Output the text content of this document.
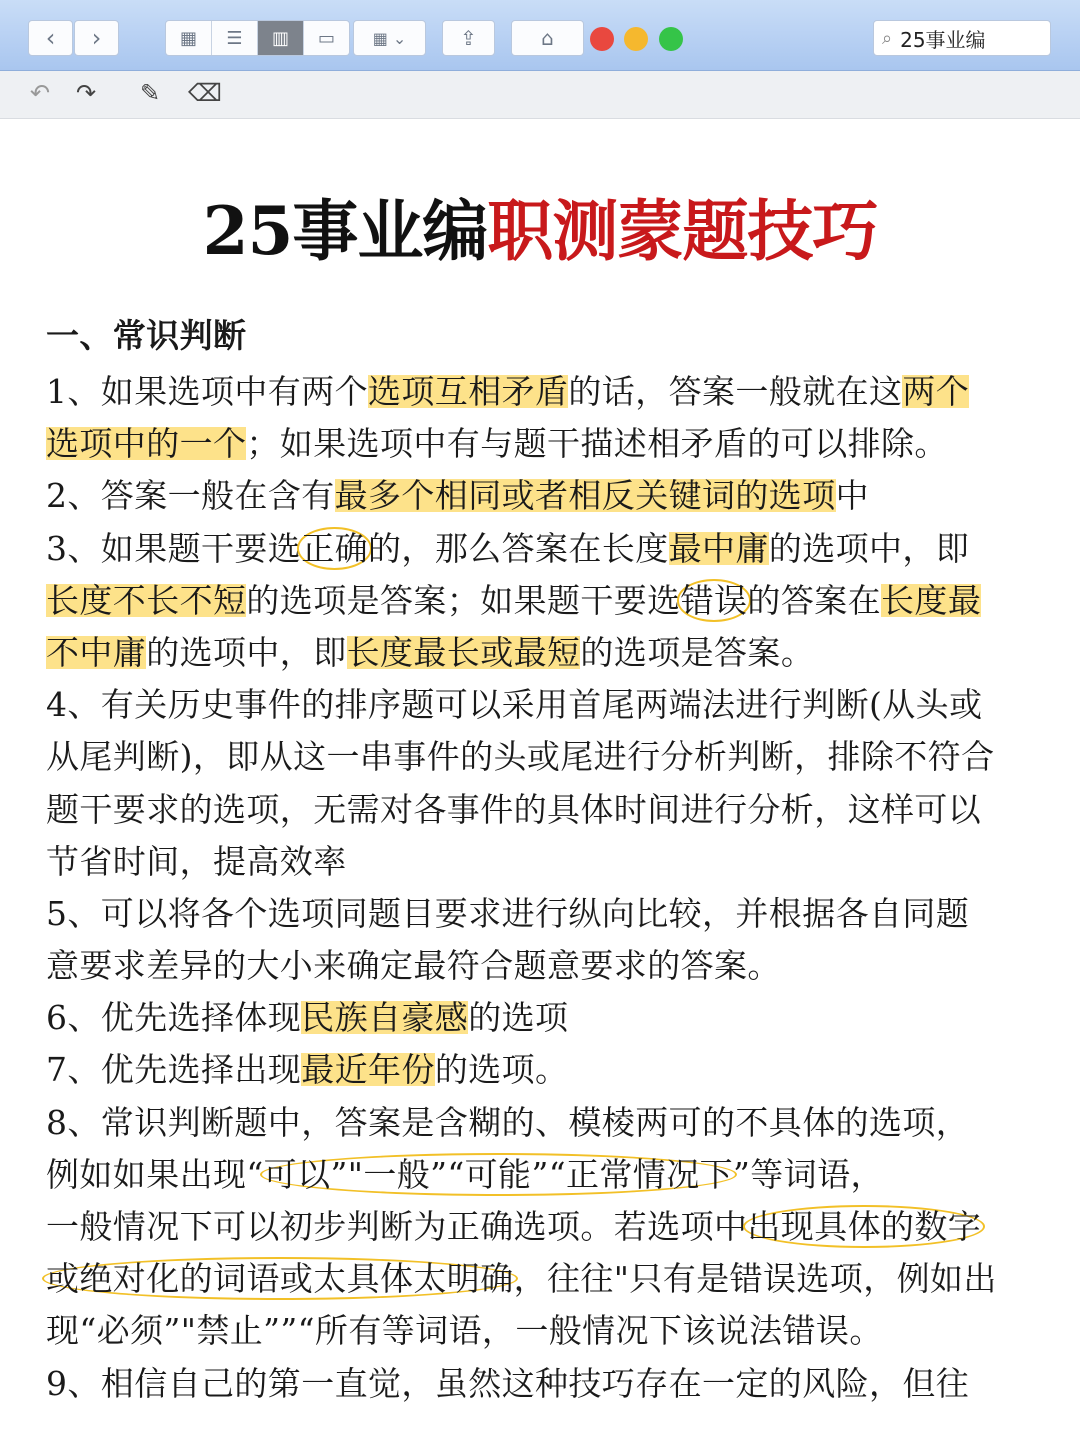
‹	›	▦	☰	▥	▭	▦ ⌄	⇪	⌂	⌕ 25事业编
↶ ↷ ✎ ⌫
25事业编职测蒙题技巧
一、常识判断
1、如果选项中有两个选项互相矛盾的话，答案一般就在这两个
选项中的一个；如果选项中有与题干描述相矛盾的可以排除。
2、答案一般在含有最多个相同或者相反关键词的选项中
3、如果题干要选正确的，那么答案在长度最中庸的选项中，即
长度不长不短的选项是答案；如果题干要选错误的答案在长度最
不中庸的选项中，即长度最长或最短的选项是答案。
4、有关历史事件的排序题可以采用首尾两端法进行判断(从头或
从尾判断)，即从这一串事件的头或尾进行分析判断，排除不符合
题干要求的选项，无需对各事件的具体时间进行分析，这样可以
节省时间，提高效率
5、可以将各个选项同题目要求进行纵向比较，并根据各自同题
意要求差异的大小来确定最符合题意要求的答案。
6、优先选择体现民族自豪感的选项
7、优先选择出现最近年份的选项。
8、常识判断题中，答案是含糊的、模棱两可的不具体的选项，
例如如果出现“可以”"一般”“可能”“正常情况下”等词语，
一般情况下可以初步判断为正确选项。若选项中出现具体的数字
或绝对化的词语或太具体太明确，往往"只有是错误选项，例如出
现“必须”"禁止””“所有等词语，一般情况下该说法错误。
9、相信自己的第一直觉，虽然这种技巧存在一定的风险，但往
